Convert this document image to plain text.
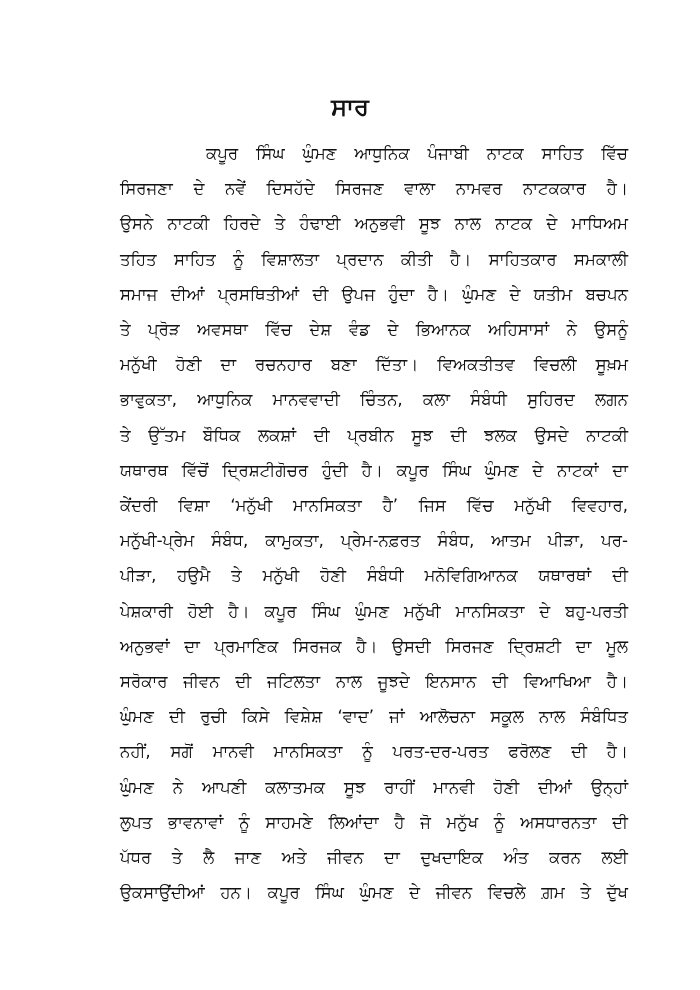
ਸਾਰ
ਕਪੂਰ ਸਿੰਘ ਘੁੰਮਣ ਆਧੁਨਿਕ ਪੰਜਾਬੀ ਨਾਟਕ ਸਾਹਿਤ ਵਿੱਚ
ਸਿਰਜਣਾ ਦੇ ਨਵੇਂ ਦਿਸਹੱਦੇ ਸਿਰਜਣ ਵਾਲਾ ਨਾਮਵਰ ਨਾਟਕਕਾਰ ਹੈ।
ਉਸਨੇ ਨਾਟਕੀ ਹਿਰਦੇ ਤੇ ਹੰਢਾਈ ਅਨੁਭਵੀ ਸੂਝ ਨਾਲ ਨਾਟਕ ਦੇ ਮਾਧਿਅਮ
ਤਹਿਤ ਸਾਹਿਤ ਨੂੰ ਵਿਸ਼ਾਲਤਾ ਪ੍ਰਦਾਨ ਕੀਤੀ ਹੈ। ਸਾਹਿਤਕਾਰ ਸਮਕਾਲੀ
ਸਮਾਜ ਦੀਆਂ ਪ੍ਰਸਥਿਤੀਆਂ ਦੀ ਉਪਜ ਹੁੰਦਾ ਹੈ। ਘੁੰਮਣ ਦੇ ਯਤੀਮ ਬਚਪਨ
ਤੇ ਪ੍ਰੋੜ ਅਵਸਥਾ ਵਿੱਚ ਦੇਸ਼ ਵੰਡ ਦੇ ਭਿਆਨਕ ਅਹਿਸਾਸਾਂ ਨੇ ਉਸਨੂੰ
ਮਨੁੱਖੀ ਹੋਣੀ ਦਾ ਰਚਨਹਾਰ ਬਣਾ ਦਿੱਤਾ। ਵਿਅਕਤੀਤਵ ਵਿਚਲੀ ਸੂਖ਼ਮ
ਭਾਵੁਕਤਾ, ਆਧੁਨਿਕ ਮਾਨਵਵਾਦੀ ਚਿੰਤਨ, ਕਲਾ ਸੰਬੰਧੀ ਸੁਹਿਰਦ ਲਗਨ
ਤੇ ਉੱਤਮ ਬੌਧਿਕ ਲਕਸ਼ਾਂ ਦੀ ਪ੍ਰਬੀਨ ਸੂਝ ਦੀ ਝਲਕ ਉਸਦੇ ਨਾਟਕੀ
ਯਥਾਰਥ ਵਿੱਚੋਂ ਦ੍ਰਿਸ਼ਟੀਗੋਚਰ ਹੁੰਦੀ ਹੈ। ਕਪੂਰ ਸਿੰਘ ਘੁੰਮਣ ਦੇ ਨਾਟਕਾਂ ਦਾ
ਕੇਂਦਰੀ ਵਿਸ਼ਾ ‘ਮਨੁੱਖੀ ਮਾਨਸਿਕਤਾ ਹੈ’ ਜਿਸ ਵਿੱਚ ਮਨੁੱਖੀ ਵਿਵਹਾਰ,
ਮਨੁੱਖੀ-ਪ੍ਰੇਮ ਸੰਬੰਧ, ਕਾਮੁਕਤਾ, ਪ੍ਰੇਮ-ਨਫ਼ਰਤ ਸੰਬੰਧ, ਆਤਮ ਪੀੜਾ, ਪਰ-
ਪੀੜਾ, ਹਉਮੈ ਤੇ ਮਨੁੱਖੀ ਹੋਣੀ ਸੰਬੰਧੀ ਮਨੋਵਿਗਿਆਨਕ ਯਥਾਰਥਾਂ ਦੀ
ਪੇਸ਼ਕਾਰੀ ਹੋਈ ਹੈ। ਕਪੂਰ ਸਿੰਘ ਘੁੰਮਣ ਮਨੁੱਖੀ ਮਾਨਸਿਕਤਾ ਦੇ ਬਹੁ-ਪਰਤੀ
ਅਨੁਭਵਾਂ ਦਾ ਪ੍ਰਮਾਣਿਕ ਸਿਰਜਕ ਹੈ। ਉਸਦੀ ਸਿਰਜਣ ਦ੍ਰਿਸ਼ਟੀ ਦਾ ਮੂਲ
ਸਰੋਕਾਰ ਜੀਵਨ ਦੀ ਜਟਿਲਤਾ ਨਾਲ ਜੂਝਦੇ ਇਨਸਾਨ ਦੀ ਵਿਆਖਿਆ ਹੈ।
ਘੁੰਮਣ ਦੀ ਰੁਚੀ ਕਿਸੇ ਵਿਸ਼ੇਸ਼ ‘ਵਾਦ’ ਜਾਂ ਆਲੋਚਨਾ ਸਕੂਲ ਨਾਲ ਸੰਬੰਧਿਤ
ਨਹੀਂ, ਸਗੋਂ ਮਾਨਵੀ ਮਾਨਸਿਕਤਾ ਨੂੰ ਪਰਤ-ਦਰ-ਪਰਤ ਫਰੋਲਣ ਦੀ ਹੈ।
ਘੁੰਮਣ ਨੇ ਆਪਣੀ ਕਲਾਤਮਕ ਸੂਝ ਰਾਹੀਂ ਮਾਨਵੀ ਹੋਣੀ ਦੀਆਂ ਉਨ੍ਹਾਂ
ਲੁਪਤ ਭਾਵਨਾਵਾਂ ਨੂੰ ਸਾਹਮਣੇ ਲਿਆਂਦਾ ਹੈ ਜੋ ਮਨੁੱਖ ਨੂੰ ਅਸਧਾਰਨਤਾ ਦੀ
ਪੱਧਰ ਤੇ ਲੈ ਜਾਣ ਅਤੇ ਜੀਵਨ ਦਾ ਦੁਖਦਾਇਕ ਅੰਤ ਕਰਨ ਲਈ
ਉਕਸਾਉਂਦੀਆਂ ਹਨ। ਕਪੂਰ ਸਿੰਘ ਘੁੰਮਣ ਦੇ ਜੀਵਨ ਵਿਚਲੇ ਗ਼ਮ ਤੇ ਦੁੱਖ
